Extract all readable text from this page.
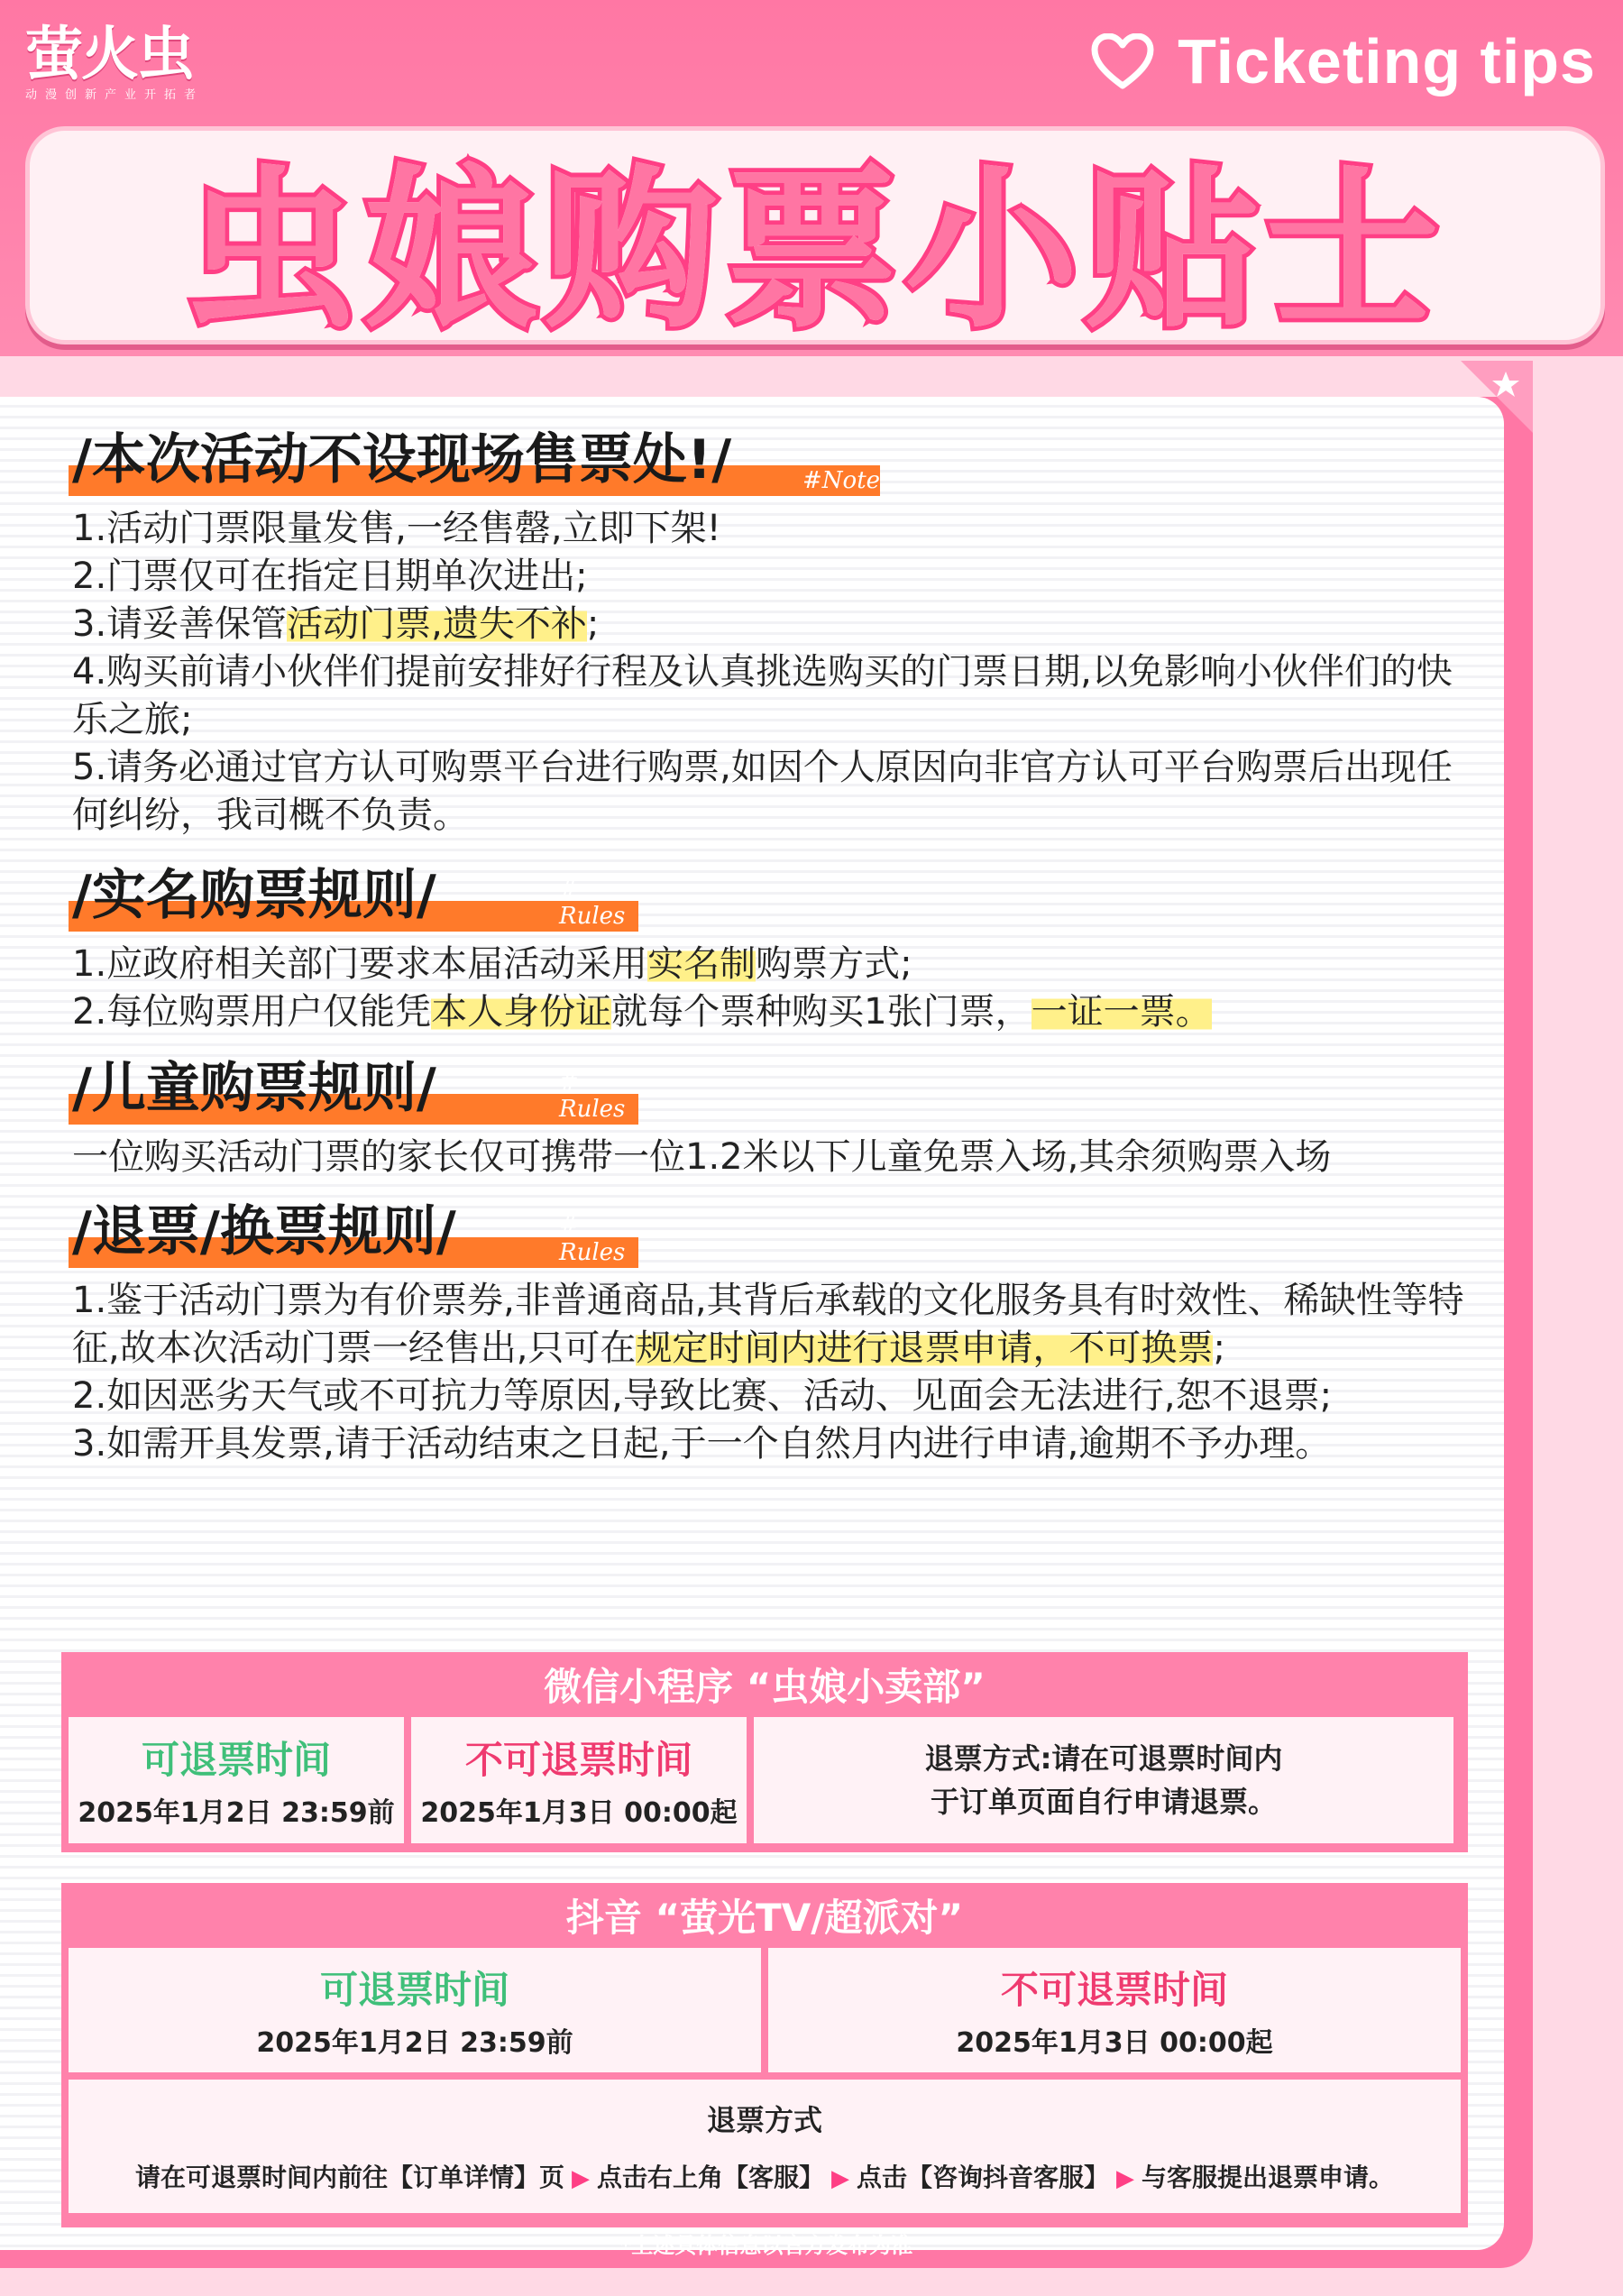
萤火虫
动漫创新产业开拓者	Ticketing tips
虫娘购票小贴士
/本次活动不设现场售票处!/	#Note

1.活动门票限量发售,一经售罄,立即下架!

2.门票仅可在指定日期单次进出;

3.请妥善保管活动门票,遗失不补;

4.购买前请小伙伴们提前安排好行程及认真挑选购买的门票日期,以免影响小伙伴们的快乐之旅;

5.请务必通过官方认可购票平台进行购票,如因个人原因向非官方认可平台购票后出现任何纠纷，我司概不负责。

/实名购票规则/	# Rules

1.应政府相关部门要求本届活动采用实名制购票方式;

2.每位购票用户仅能凭本人身份证就每个票种购买1张门票，一证一票。

/儿童购票规则/	# Rules

一位购买活动门票的家长仅可携带一位1.2米以下儿童免票入场,其余须购票入场

/退票/换票规则/	# Rules

1.鉴于活动门票为有价票券,非普通商品,其背后承载的文化服务具有时效性、稀缺性等特征,故本次活动门票一经售出,只可在规定时间内进行退票申请，不可换票;

2.如因恶劣天气或不可抗力等原因,导致比赛、活动、见面会无法进行,恕不退票;

3.如需开具发票,请于活动结束之日起,于一个自然月内进行申请,逾期不予办理。

微信小程序 “虫娘小卖部”
可退票时间
2025年1月2日 23:59前
不可退票时间
2025年1月3日 00:00起
退票方式:请在可退票时间内
于订单页面自行申请退票。
抖音 “萤光TV/超派对”
可退票时间
2025年1月2日 23:59前
不可退票时间
2025年1月3日 00:00起
退票方式
请在可退票时间内前往【订单详情】页 ▶ 点击右上角【客服】 ▶ 点击【咨询抖音客服】 ▶ 与客服提出退票申请。
*上述具体信息以官方发布为准
